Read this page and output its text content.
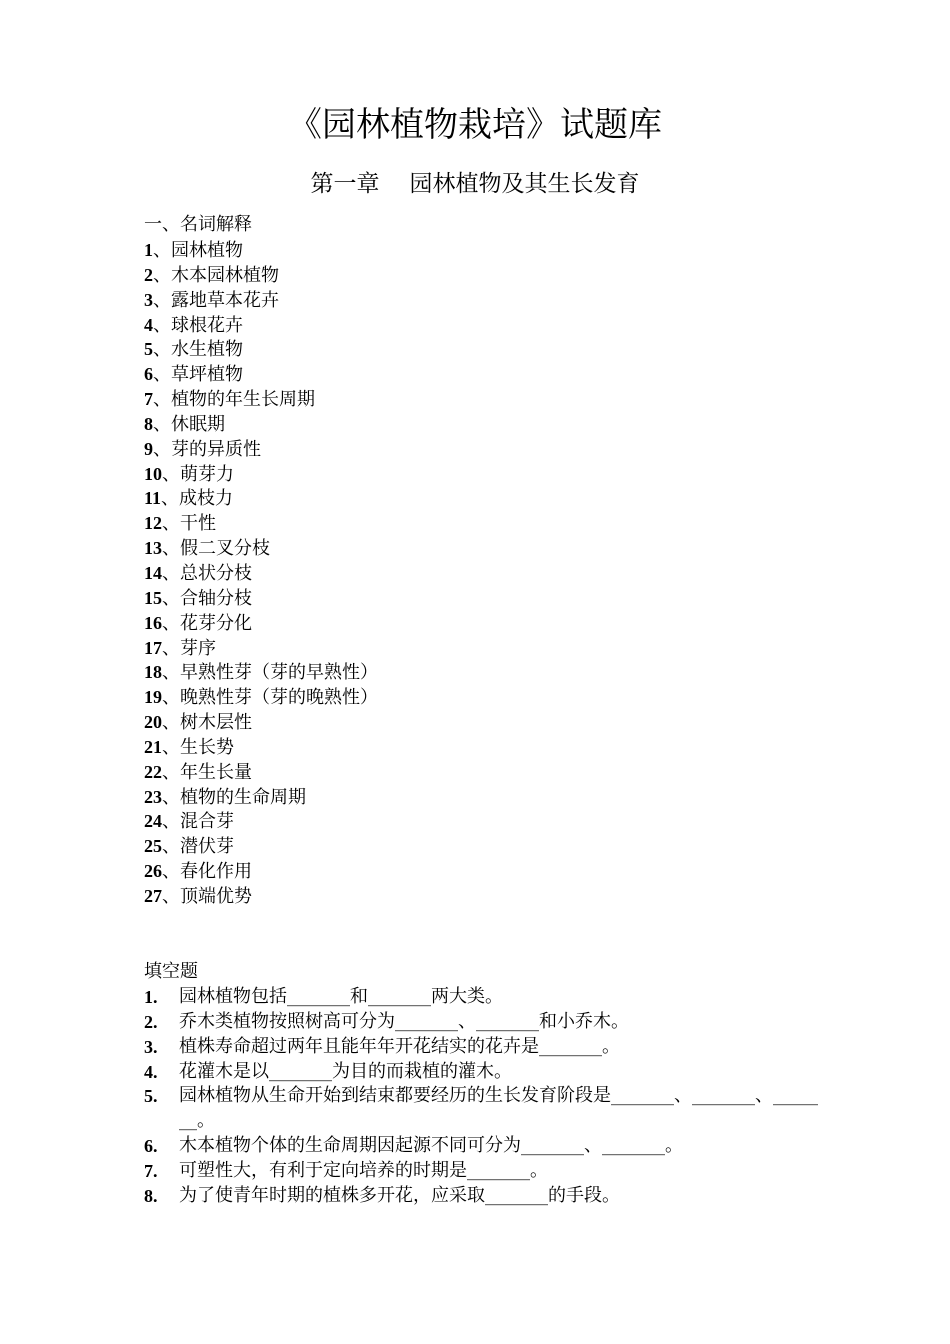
《园林植物栽培》试题库
第一章 园林植物及其生长发育
一、名词解释
1、园林植物
2、木本园林植物
3、露地草本花卉
4、球根花卉
5、水生植物
6、草坪植物
7、植物的年生长周期
8、休眠期
9、芽的异质性
10、萌芽力
11、成枝力
12、干性
13、假二叉分枝
14、总状分枝
15、合轴分枝
16、花芽分化
17、芽序
18、早熟性芽（芽的早熟性）
19、晚熟性芽（芽的晚熟性）
20、树木层性
21、生长势
22、年生长量
23、植物的生命周期
24、混合芽
25、潜伏芽
26、春化作用
27、顶端优势
填空题
1. 园林植物包括_______和_______两大类。
2. 乔木类植物按照树高可分为_______、_______和小乔木。
3. 植株寿命超过两年且能年年开花结实的花卉是_______。
4. 花灌木是以_______为目的而栽植的灌木。
5. 园林植物从生命开始到结束都要经历的生长发育阶段是_______、_______、_______。
6. 木本植物个体的生命周期因起源不同可分为_______、_______。
7. 可塑性大，有利于定向培养的时期是_______。
8. 为了使青年时期的植株多开花，应采取_______的手段。
